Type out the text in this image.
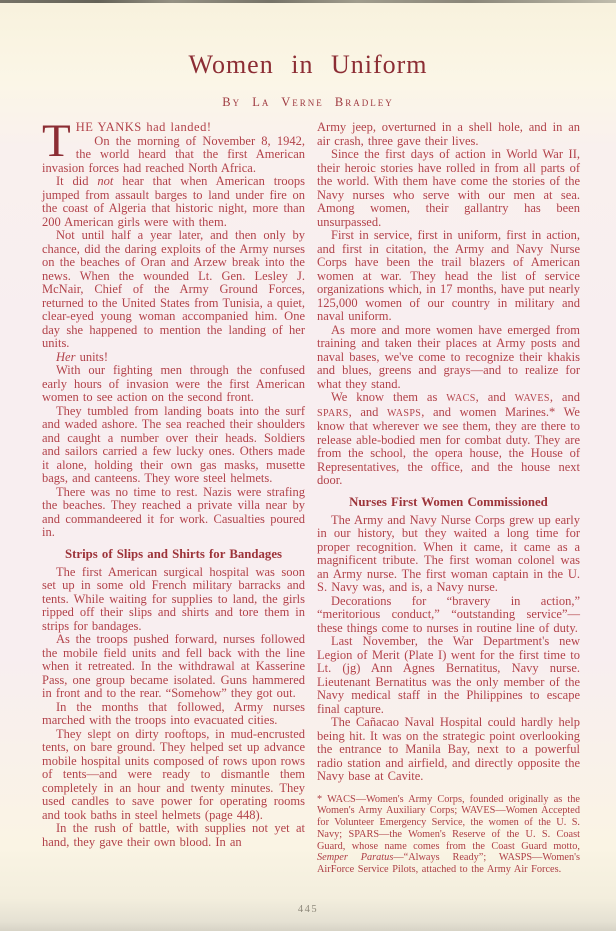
Women in Uniform
By La Verne Bradley

THE YANKS had landed!
On the morning of November 8, 1942, the world heard that the first American invasion forces had reached North Africa.

It did not hear that when American troops jumped from assault barges to land under fire on the coast of Algeria that historic night, more than 200 American girls were with them.

Not until half a year later, and then only by chance, did the daring exploits of the Army nurses on the beaches of Oran and Arzew break into the news. When the wounded Lt. Gen. Lesley J. McNair, Chief of the Army Ground Forces, returned to the United States from Tunisia, a quiet, clear-eyed young woman accompanied him. One day she happened to mention the landing of her units.

Her units!

With our fighting men through the confused early hours of invasion were the first American women to see action on the second front.

They tumbled from landing boats into the surf and waded ashore. The sea reached their shoulders and caught a number over their heads. Soldiers and sailors carried a few lucky ones. Others made it alone, holding their own gas masks, musette bags, and canteens. They wore steel helmets.

There was no time to rest. Nazis were strafing the beaches. They reached a private villa near by and commandeered it for work. Casualties poured in.

Strips of Slips and Shirts for Bandages

The first American surgical hospital was soon set up in some old French military barracks and tents. While waiting for supplies to land, the girls ripped off their slips and shirts and tore them in strips for bandages.

As the troops pushed forward, nurses followed the mobile field units and fell back with the line when it retreated. In the withdrawal at Kasserine Pass, one group became isolated. Guns hammered in front and to the rear. “Somehow” they got out.

In the months that followed, Army nurses marched with the troops into evacuated cities.

They slept on dirty rooftops, in mud-encrusted tents, on bare ground. They helped set up advance mobile hospital units composed of rows upon rows of tents—and were ready to dismantle them completely in an hour and twenty minutes. They used candles to save power for operating rooms and took baths in steel helmets (page 448).

In the rush of battle, with supplies not yet at hand, they gave their own blood. In an

Army jeep, overturned in a shell hole, and in an air crash, three gave their lives.

Since the first days of action in World War II, their heroic stories have rolled in from all parts of the world. With them have come the stories of the Navy nurses who serve with our men at sea. Among women, their gallantry has been unsurpassed.

First in service, first in uniform, first in action, and first in citation, the Army and Navy Nurse Corps have been the trail blazers of American women at war. They head the list of service organizations which, in 17 months, have put nearly 125,000 women of our country in military and naval uniform.

As more and more women have emerged from training and taken their places at Army posts and naval bases, we've come to recognize their khakis and blues, greens and grays—and to realize for what they stand.

We know them as WACS, and WAVES, and SPARS, and WASPS, and women Marines.* We know that wherever we see them, they are there to release able-bodied men for combat duty. They are from the school, the opera house, the House of Representatives, the office, and the house next door.

Nurses First Women Commissioned

The Army and Navy Nurse Corps grew up early in our history, but they waited a long time for proper recognition. When it came, it came as a magnificent tribute. The first woman colonel was an Army nurse. The first woman captain in the U. S. Navy was, and is, a Navy nurse.

Decorations for “bravery in action,” “meritorious conduct,” “outstanding service”—these things come to nurses in routine line of duty.

Last November, the War Department's new Legion of Merit (Plate I) went for the first time to Lt. (jg) Ann Agnes Bernatitus, Navy nurse. Lieutenant Bernatitus was the only member of the Navy medical staff in the Philippines to escape final capture.

The Cañacao Naval Hospital could hardly help being hit. It was on the strategic point overlooking the entrance to Manila Bay, next to a powerful radio station and airfield, and directly opposite the Navy base at Cavite.

* WACS—Women's Army Corps, founded originally as the Women's Army Auxiliary Corps; WAVES—Women Accepted for Volunteer Emergency Service, the women of the U. S. Navy; SPARS—the Women's Reserve of the U. S. Coast Guard, whose name comes from the Coast Guard motto, Semper Paratus—“Always Ready”; WASPS—Women's AirForce Service Pilots, attached to the Army Air Forces.

445
